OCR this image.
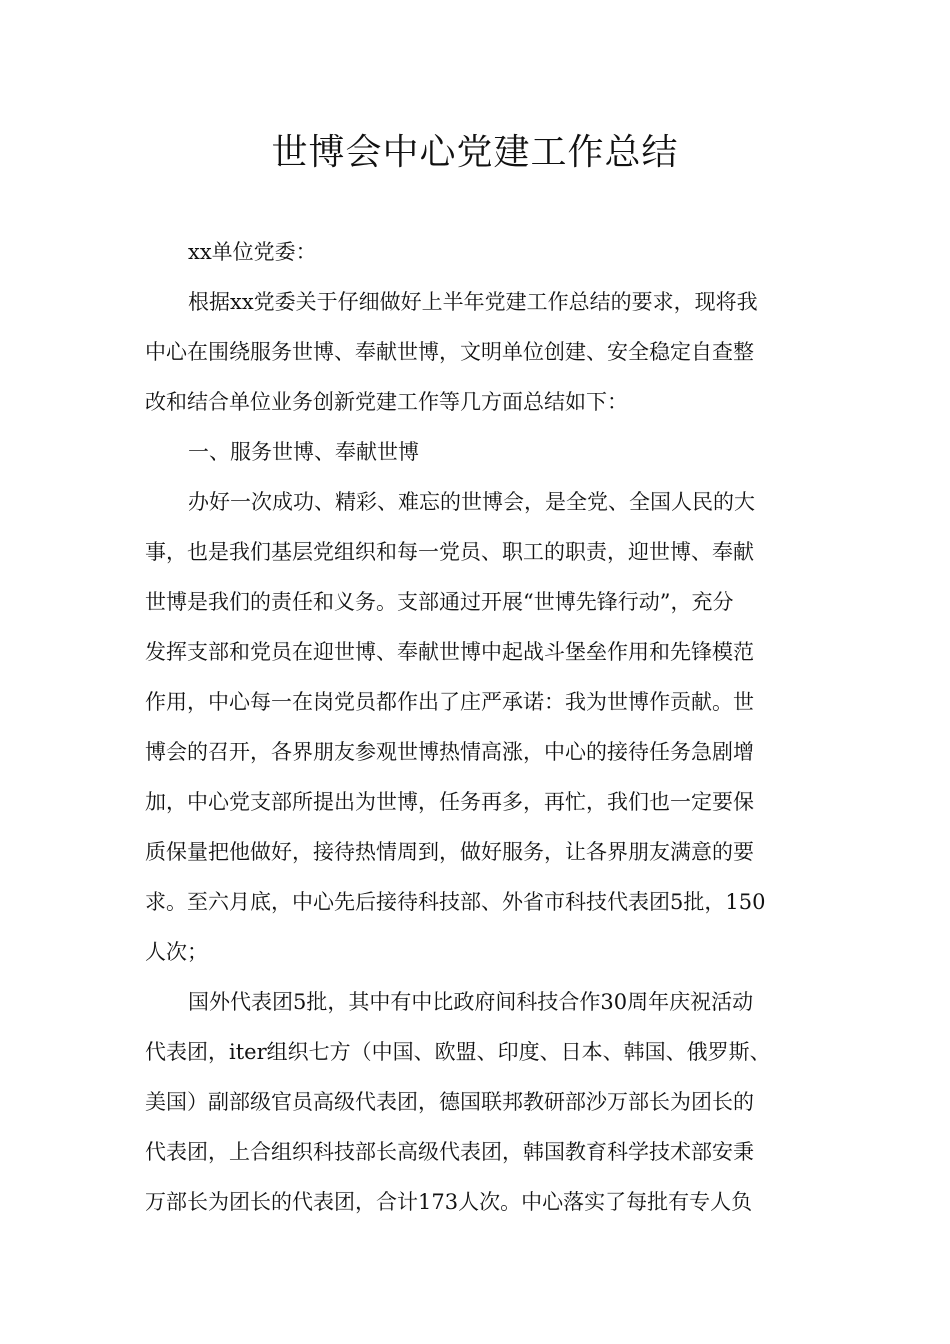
世博会中心党建工作总结
xx单位党委：
根据xx党委关于仔细做好上半年党建工作总结的要求，现将我
中心在围绕服务世博、奉献世博，文明单位创建、安全稳定自查整
改和结合单位业务创新党建工作等几方面总结如下：
一、服务世博、奉献世博
办好一次成功、精彩、难忘的世博会，是全党、全国人民的大
事，也是我们基层党组织和每一党员、职工的职责，迎世博、奉献
世博是我们的责任和义务。支部通过开展“世博先锋行动”，充分
发挥支部和党员在迎世博、奉献世博中起战斗堡垒作用和先锋模范
作用，中心每一在岗党员都作出了庄严承诺：我为世博作贡献。世
博会的召开，各界朋友参观世博热情高涨，中心的接待任务急剧增
加，中心党支部所提出为世博，任务再多，再忙，我们也一定要保
质保量把他做好，接待热情周到，做好服务，让各界朋友满意的要
求。至六月底，中心先后接待科技部、外省市科技代表团5批，150
人次；
国外代表团5批，其中有中比政府间科技合作30周年庆祝活动
代表团，iter组织七方（中国、欧盟、印度、日本、韩国、俄罗斯、
美国）副部级官员高级代表团，德国联邦教研部沙万部长为团长的
代表团，上合组织科技部长高级代表团，韩国教育科学技术部安秉
万部长为团长的代表团，合计173人次。中心落实了每批有专人负
